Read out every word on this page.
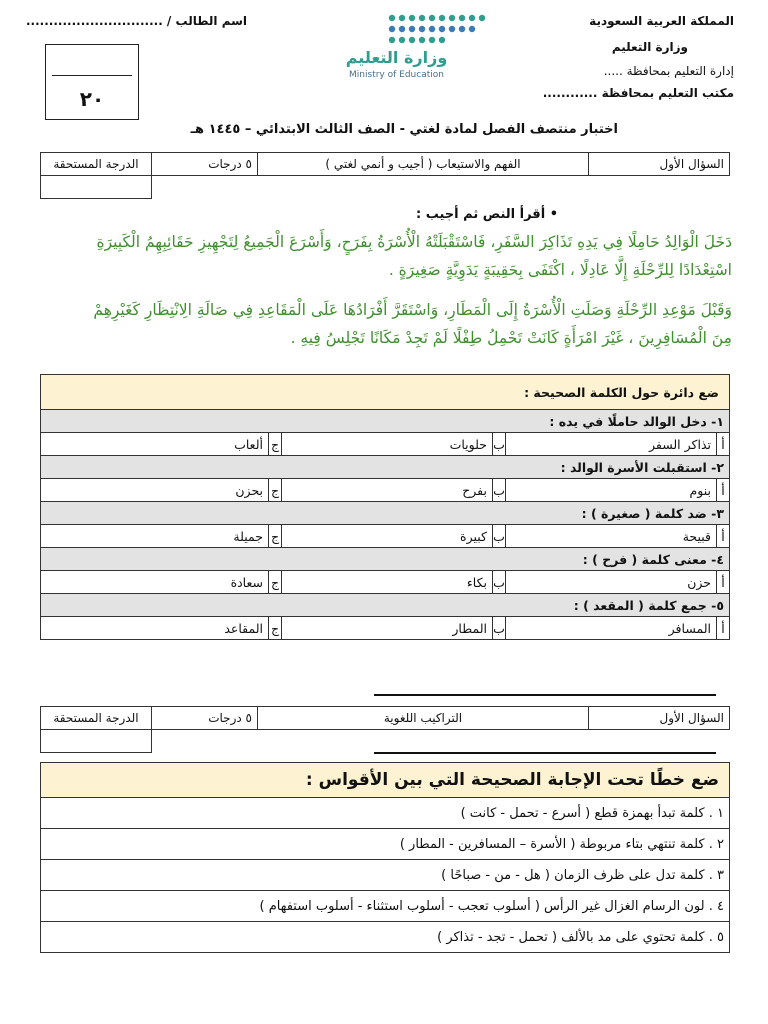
المملكة العربية السعودية
وزارة التعليم
إدارة التعليم بمحافظة .....
مكتب التعليم بمحافظة ............
وزارة التعليم
Ministry of Education
اسم الطالب / ..............................
٢٠
اختبار منتصف الفصل لمادة لغتي - الصف الثالث الابتدائي – ١٤٤٥ هـ
السؤال الأول	الفهم والاستيعاب ( أجيب و أنمي لغتي )	٥ درجات	الدرجة المستحقة

• أقرأ النص ثم أجيب :
دَخَلَ الْوَالِدُ حَامِلًا فِي يَدِهِ تَذَاكِرَ السَّفَرِ، فَاسْتَقْبَلَتْهُ الْأُسْرَةُ بِفَرَحٍ، وَأَسْرَعَ الْجَمِيعُ لِتَجْهِيزِ حَقَائِبِهِمُ الْكَبِيرَةِ
اسْتِعْدَادًا لِلرِّحْلَةِ إِلَّا عَادِلًا ، اكْتَفَى بِحَقِيبَةٍ يَدَوِيَّةٍ صَغِيرَةٍ .
وَقَبْلَ مَوْعِدِ الرِّحْلَةِ وَصَلَتِ الْأُسْرَةُ إِلَى الْمَطَارِ، وَاسْتَقَرَّ أَفْرَادُهَا عَلَى الْمَقَاعِدِ فِي صَالَةِ الِانْتِظَارِ كَغَيْرِهِمْ
مِنَ الْمُسَافِرِينَ ، غَيْرَ امْرَأَةٍ كَانَتْ تَحْمِلُ طِفْلًا لَمْ تَجِدْ مَكَانًا تَجْلِسُ فِيهِ .
ضع دائرة حول الكلمة الصحيحة :					
١- دخل الوالد حاملًا في يده :					
أ	تذاكر السفر	ب	حلويات	ج	ألعاب
٢- استقبلت الأسرة الوالد :					
أ	بنوم	ب	بفرح	ج	بحزن
٣- ضد كلمة ( صغيرة ) :					
أ	قبيحة	ب	كبيرة	ج	جميلة
٤- معنى كلمة ( فرح ) :					
أ	حزن	ب	بكاء	ج	سعادة
٥- جمع كلمة ( المقعد ) :					
أ	المسافر	ب	المطار	ج	المقاعد
السؤال الأول	التراكيب اللغوية	٥ درجات	الدرجة المستحقة

ضع خطًا تحت الإجابة الصحيحة التي بين الأقواس :
١ . كلمة تبدأ بهمزة قطع ( أسرع - تحمل - كانت )
٢ . كلمة تنتهي بتاء مربوطة ( الأسرة – المسافرين - المطار )
٣ . كلمة تدل على ظرف الزمان ( هل - من - صباحًا )
٤ . لون الرسام الغزال غير الرأس ( أسلوب تعجب - أسلوب استثناء - أسلوب استفهام )
٥ . كلمة تحتوي على مد بالألف ( تحمل - تجد - تذاكر )
